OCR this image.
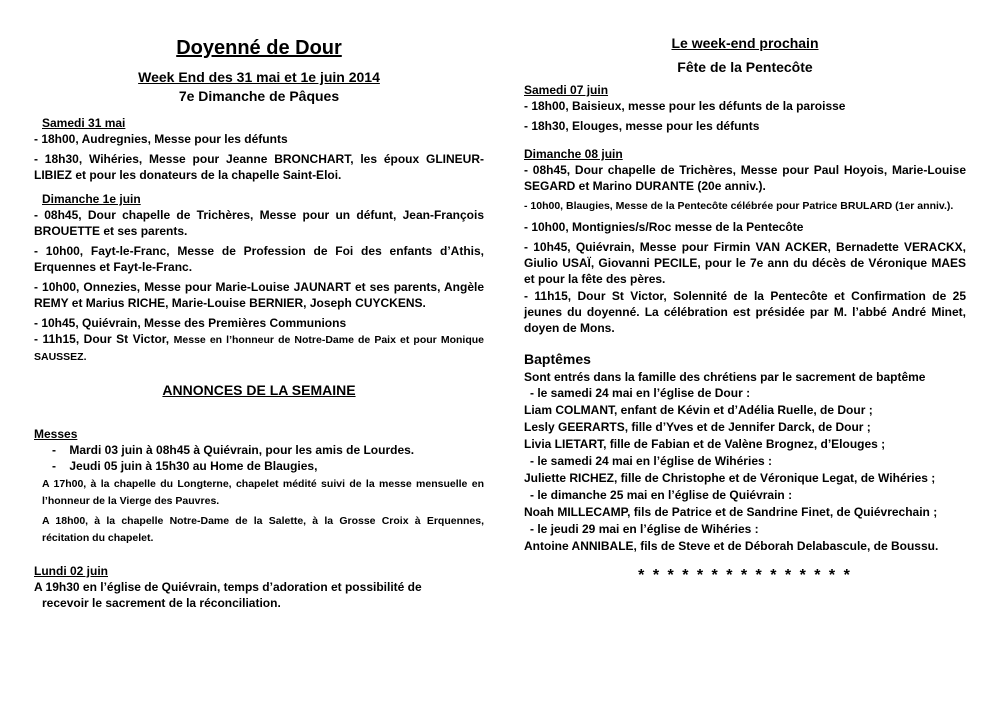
Doyenné de Dour
Week End des 31 mai et 1e juin 2014
7e Dimanche de Pâques
Samedi 31 mai

- 18h00, Audregnies, Messe pour les défunts

- 18h30, Wihéries, Messe pour Jeanne BRONCHART, les époux GLINEUR-LIBIEZ et pour les donateurs de la chapelle Saint-Eloi.

Dimanche 1e juin

- 08h45, Dour chapelle de Trichères, Messe pour un défunt, Jean-François BROUETTE et ses parents.

- 10h00, Fayt-le-Franc, Messe de Profession de Foi des enfants d’Athis, Erquennes et Fayt-le-Franc.

- 10h00, Onnezies, Messe pour Marie-Louise JAUNART et ses parents, Angèle REMY et Marius RICHE, Marie-Louise BERNIER, Joseph CUYCKENS.

- 10h45, Quiévrain, Messe des Premières Communions

- 11h15, Dour St Victor, Messe en l’honneur de Notre-Dame de Paix et pour Monique SAUSSEZ.

ANNONCES DE LA SEMAINE
Messes

-    Mardi 03 juin à 08h45 à Quiévrain, pour les amis de Lourdes.

-    Jeudi 05 juin à 15h30 au Home de Blaugies,

A 17h00, à la chapelle du Longterne, chapelet médité suivi de la messe mensuelle en l’honneur de la Vierge des Pauvres.

A 18h00, à la chapelle Notre-Dame de la Salette, à la Grosse Croix à Erquennes, récitation du chapelet.

Lundi 02 juin

A 19h30 en l’église de Quiévrain, temps d’adoration et possibilité de recevoir le sacrement de la réconciliation.

Le week-end prochain
Fête de la Pentecôte
Samedi 07 juin

- 18h00, Baisieux, messe pour les défunts de la paroisse

- 18h30, Elouges, messe pour les défunts

Dimanche 08 juin

- 08h45, Dour chapelle de Trichères, Messe pour Paul Hoyois, Marie-Louise SEGARD et Marino DURANTE (20e anniv.).

- 10h00, Blaugies, Messe de la Pentecôte célébrée pour Patrice BRULARD (1er anniv.).

- 10h00, Montignies/s/Roc messe de la Pentecôte

- 10h45, Quiévrain, Messe pour Firmin VAN ACKER, Bernadette VERACKX, Giulio USAÏ, Giovanni PECILE, pour le 7e ann du décès de Véronique MAES et pour la fête des pères.

- 11h15, Dour St Victor, Solennité de la Pentecôte et Confirmation de 25 jeunes du doyenné. La célébration est présidée par M. l’abbé André Minet, doyen de Mons.

Baptêmes

Sont entrés dans la famille des chrétiens par le sacrement de baptême

- le samedi 24 mai en l’église de Dour :

Liam COLMANT, enfant de Kévin et d’Adélia Ruelle, de Dour ;

Lesly GEERARTS, fille d’Yves et de Jennifer Darck, de Dour ;

Livia LIETART, fille de Fabian et de Valène Brognez, d’Elouges ;

- le samedi 24 mai en l’église de Wihéries :

Juliette RICHEZ, fille de Christophe et de Véronique Legat, de Wihéries ;

- le dimanche 25 mai en l’église de Quiévrain :

Noah MILLECAMP, fils de Patrice et de Sandrine Finet, de Quiévrechain ;

- le jeudi 29 mai en l’église de Wihéries :

Antoine ANNIBALE, fils de Steve et de Déborah Delabascule, de Boussu.

* * * * * * * * * * * * * * *
